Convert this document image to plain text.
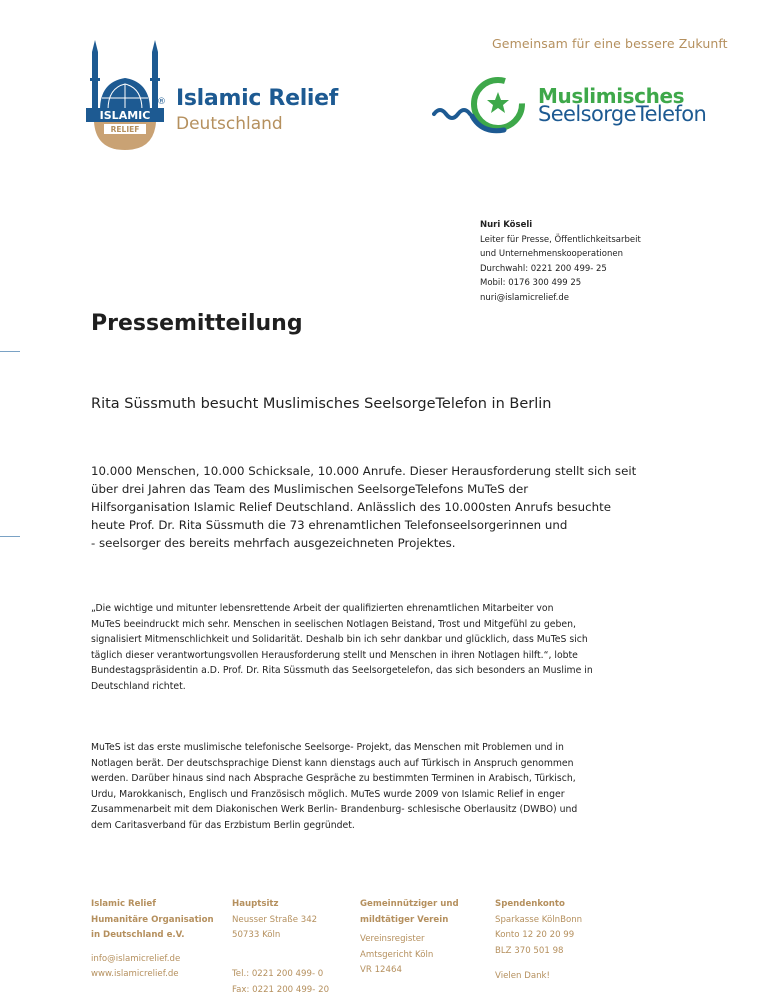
Gemeinsam für eine bessere Zukunft
ISLAMIC
RELIEF
® Islamic Relief
Deutschland
Muslimisches
SeelsorgeTelefon
Nuri Köseli
Leiter für Presse, Öffentlichkeitsarbeit
und Unternehmenskooperationen
Durchwahl: 0221 200 499- 25
Mobil: 0176 300 499 25
nuri@islamicrelief.de
Pressemitteilung
Rita Süssmuth besucht Muslimisches SeelsorgeTelefon in Berlin
10.000 Menschen, 10.000 Schicksale, 10.000 Anrufe. Dieser Herausforderung stellt sich seit
über drei Jahren das Team des Muslimischen SeelsorgeTelefons MuTeS der
Hilfsorganisation Islamic Relief Deutschland. Anlässlich des 10.000sten Anrufs besuchte
heute Prof. Dr. Rita Süssmuth die 73 ehrenamtlichen Telefonseelsorgerinnen und
- seelsorger des bereits mehrfach ausgezeichneten Projektes.
„Die wichtige und mitunter lebensrettende Arbeit der qualifizierten ehrenamtlichen Mitarbeiter von
MuTeS beeindruckt mich sehr. Menschen in seelischen Notlagen Beistand, Trost und Mitgefühl zu geben,
signalisiert Mitmenschlichkeit und Solidarität. Deshalb bin ich sehr dankbar und glücklich, dass MuTeS sich
täglich dieser verantwortungsvollen Herausforderung stellt und Menschen in ihren Notlagen hilft.“, lobte
Bundestagspräsidentin a.D. Prof. Dr. Rita Süssmuth das Seelsorgetelefon, das sich besonders an Muslime in
Deutschland richtet.
MuTeS ist das erste muslimische telefonische Seelsorge- Projekt, das Menschen mit Problemen und in
Notlagen berät. Der deutschsprachige Dienst kann dienstags auch auf Türkisch in Anspruch genommen
werden. Darüber hinaus sind nach Absprache Gespräche zu bestimmten Terminen in Arabisch, Türkisch,
Urdu, Marokkanisch, Englisch und Französisch möglich. MuTeS wurde 2009 von Islamic Relief in enger
Zusammenarbeit mit dem Diakonischen Werk Berlin- Brandenburg- schlesische Oberlausitz (DWBO) und
dem Caritasverband für das Erzbistum Berlin gegründet.
Islamic Relief
Humanitäre Organisation
in Deutschland e.V.
info@islamicrelief.de
www.islamicrelief.de
Hauptsitz
Neusser Straße 342
50733 Köln
Tel.: 0221 200 499- 0
Fax: 0221 200 499- 20
Gemeinnütziger und
mildtätiger Verein
Vereinsregister
Amtsgericht Köln
VR 12464
Spendenkonto
Sparkasse KölnBonn
Konto 12 20 20 99
BLZ 370 501 98
Vielen Dank!
